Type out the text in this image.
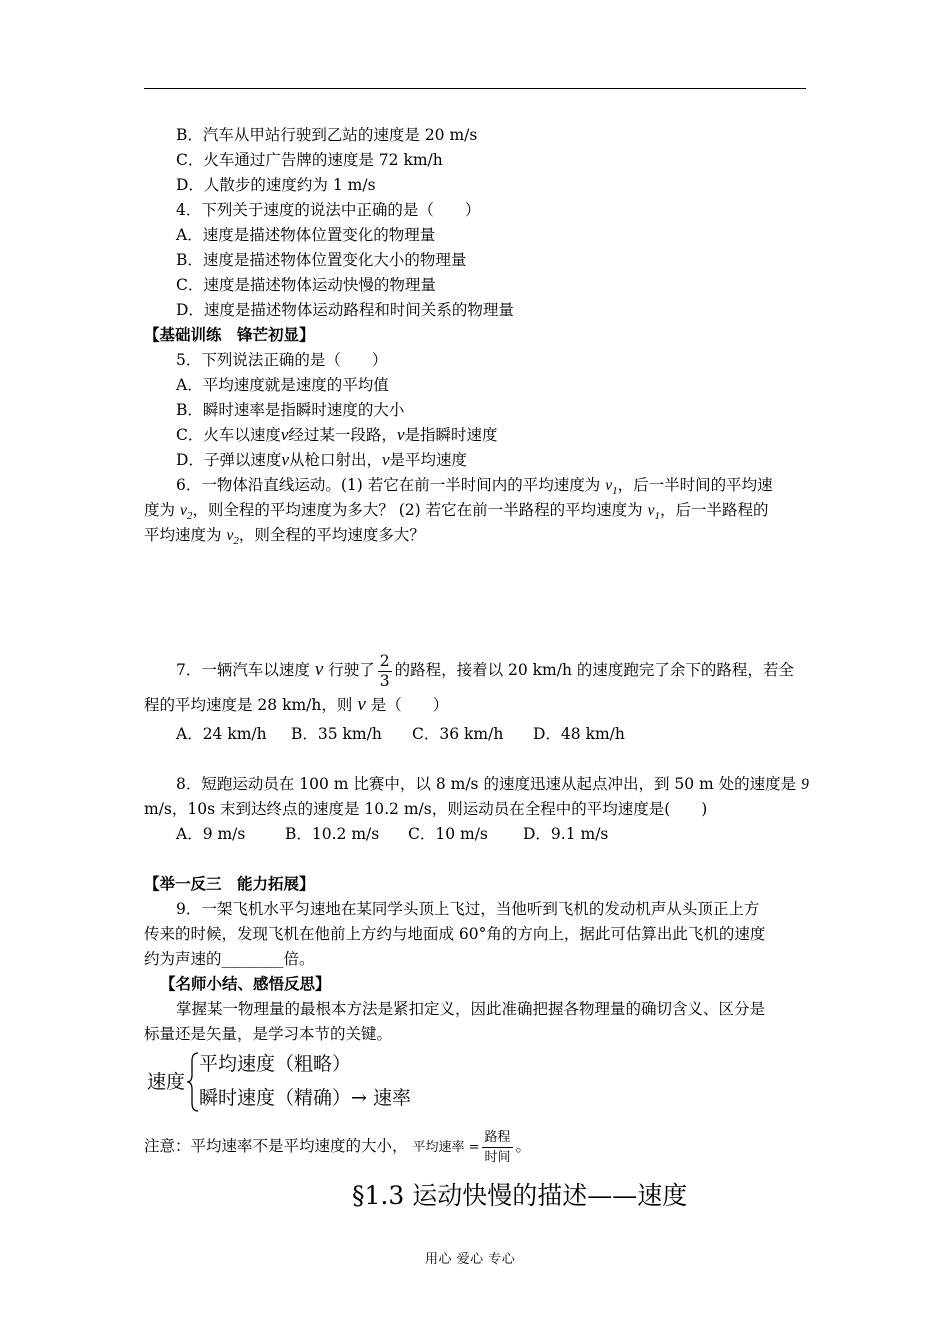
B．汽车从甲站行驶到乙站的速度是 20 m/s
C．火车通过广告牌的速度是 72 km/h
D．人散步的速度约为 1 m/s
4．下列关于速度的说法中正确的是（　　）
A．速度是描述物体位置变化的物理量
B．速度是描述物体位置变化大小的物理量
C．速度是描述物体运动快慢的物理量
D．速度是描述物体运动路程和时间关系的物理量
【基础训练　锋芒初显】
5．下列说法正确的是（　　）
A．平均速度就是速度的平均值
B．瞬时速率是指瞬时速度的大小
C．火车以速度v经过某一段路，v是指瞬时速度
D．子弹以速度v从枪口射出，v是平均速度
6．一物体沿直线运动。(1) 若它在前一半时间内的平均速度为 $v_1$，后一半时间的平均速
度为 $v_2$，则全程的平均速度为多大？ (2) 若它在前一半路程的平均速度为 $v_1$，后一半路程的
平均速度为 $v_2$，则全程的平均速度多大？
7．一辆汽车以速度 v 行驶了 $\frac{2}{3}$ 的路程，接着以 20 km/h 的速度跑完了余下的路程，若全
程的平均速度是 28 km/h，则 v 是（　　）
A．24 km/h B．35 km/h C．36 km/h D．48 km/h
8．短跑运动员在 100 m 比赛中，以 8 m/s 的速度迅速从起点冲出，到 50 m 处的速度是 9
m/s，10s 末到达终点的速度是 10.2 m/s，则运动员在全程中的平均速度是(　　)
A．9 m/s	B．10.2 m/s C．10 m/s D．9.1 m/s
【举一反三　能力拓展】
9．一架飞机水平匀速地在某同学头顶上飞过，当他听到飞机的发动机声从头顶正上方
传来的时候，发现飞机在他前上方约与地面成 60°角的方向上，据此可估算出此飞机的速度
约为声速的________倍。
【名师小结、感悟反思】
掌握某一物理量的最根本方法是紧扣定义，因此准确把握各物理量的确切含义、区分是
标量还是矢量，是学习本节的关键。
速度
平均速度（粗略）
瞬时速度（精确）→ 速率
注意：平均速率不是平均速度的大小， 平均速率 = $\frac{\text{路程}}{\text{时间}}$ 。
§1.3 运动快慢的描述——速度
用心 爱心 专心
